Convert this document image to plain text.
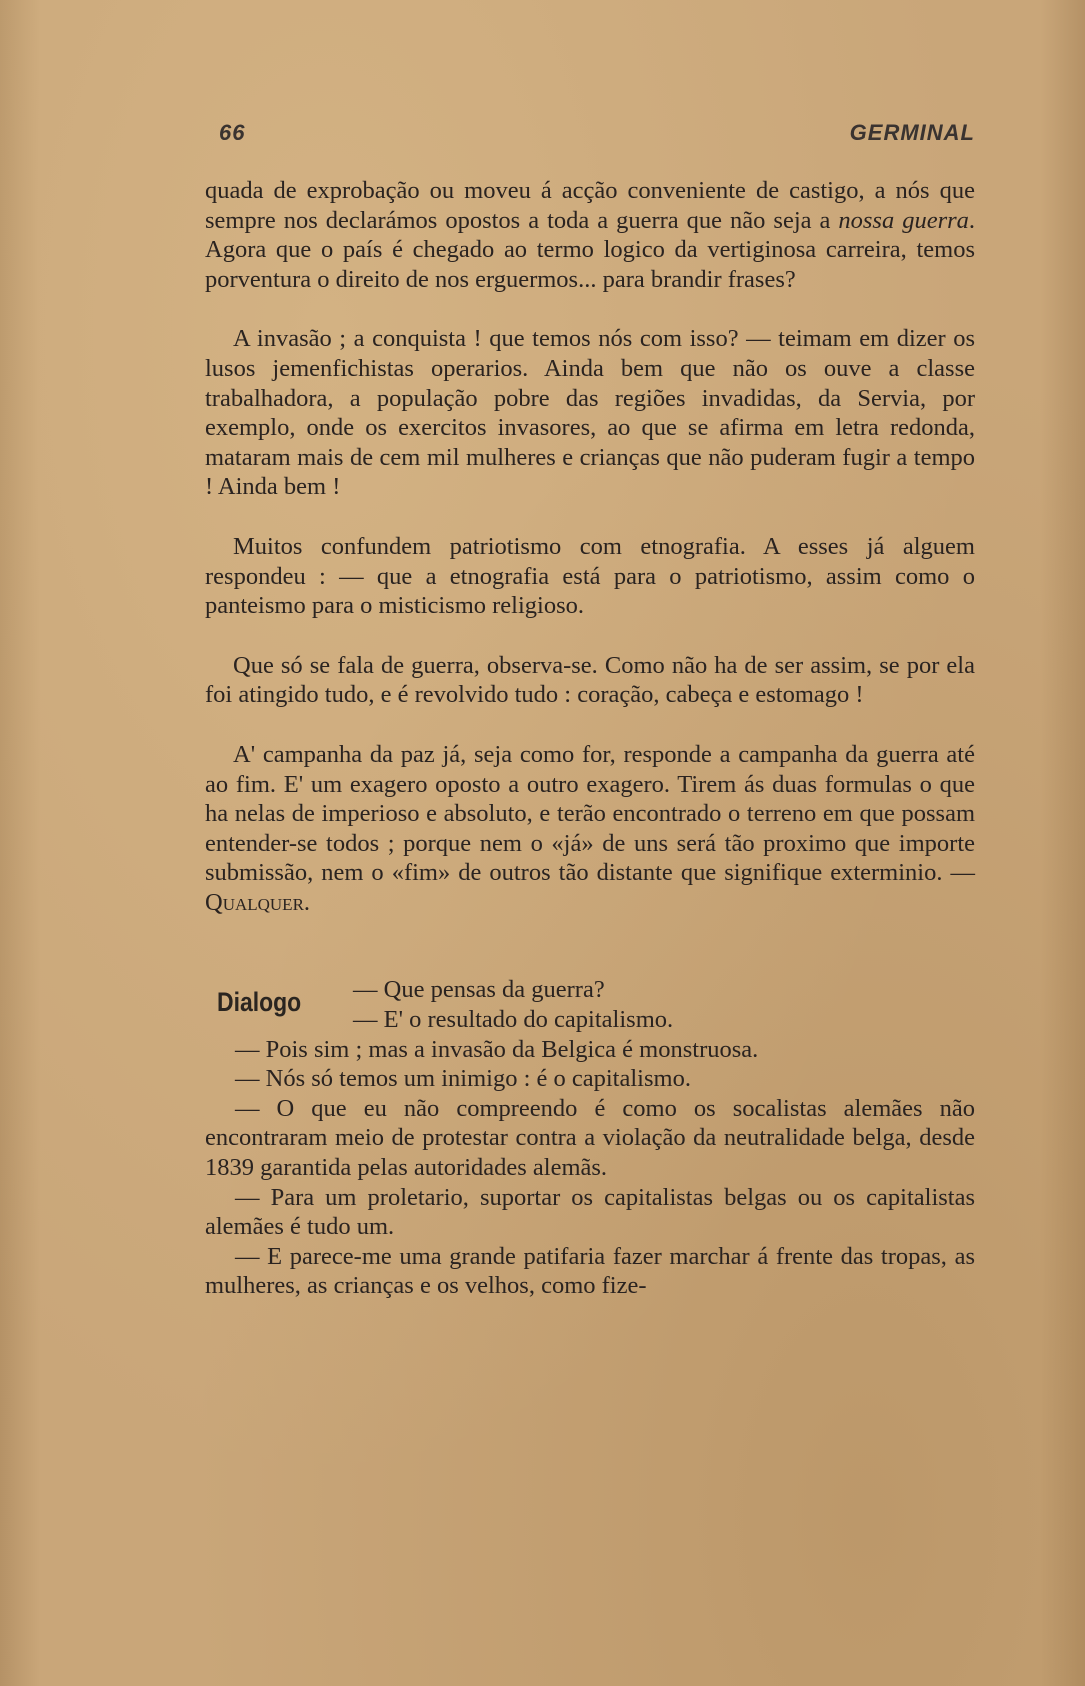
66	GERMINAL

quada de exprobação ou moveu á acção conveniente de castigo, a nós que sempre nos declarámos opostos a toda a guerra que não seja a nossa guerra. Agora que o país é chegado ao termo logico da vertiginosa carreira, temos porventura o direito de nos erguermos... para brandir frases?

A invasão ; a conquista ! que temos nós com isso? — teimam em dizer os lusos jemenfichistas operarios. Ainda bem que não os ouve a classe trabalhadora, a população pobre das regiões invadidas, da Servia, por exemplo, onde os exercitos invasores, ao que se afirma em letra redonda, mataram mais de cem mil mulheres e crianças que não puderam fugir a tempo ! Ainda bem !

Muitos confundem patriotismo com etnografia. A esses já alguem respondeu : — que a etnografia está para o patriotismo, assim como o panteismo para o misticismo religioso.

Que só se fala de guerra, observa-se. Como não ha de ser assim, se por ela foi atingido tudo, e é revolvido tudo : coração, cabeça e estomago !

A' campanha da paz já, seja como for, responde a campanha da guerra até ao fim. E' um exagero oposto a outro exagero. Tirem ás duas formulas o que ha nelas de imperioso e absoluto, e terão encontrado o terreno em que possam entender-se todos ; porque nem o «já» de uns será tão proximo que importe submissão, nem o «fim» de outros tão distante que signifique exterminio. — Qualquer.

Dialogo	— Que pensas da guerra?
— E' o resultado do capitalismo.

— Pois sim ; mas a invasão da Belgica é monstruosa.

— Nós só temos um inimigo : é o capitalismo.

— O que eu não compreendo é como os socalistas alemães não encontraram meio de protestar contra a violação da neutralidade belga, desde 1839 garantida pelas autoridades alemãs.

— Para um proletario, suportar os capitalistas belgas ou os capitalistas alemães é tudo um.

— E parece-me uma grande patifaria fazer marchar á frente das tropas, as mulheres, as crianças e os velhos, como fize-
